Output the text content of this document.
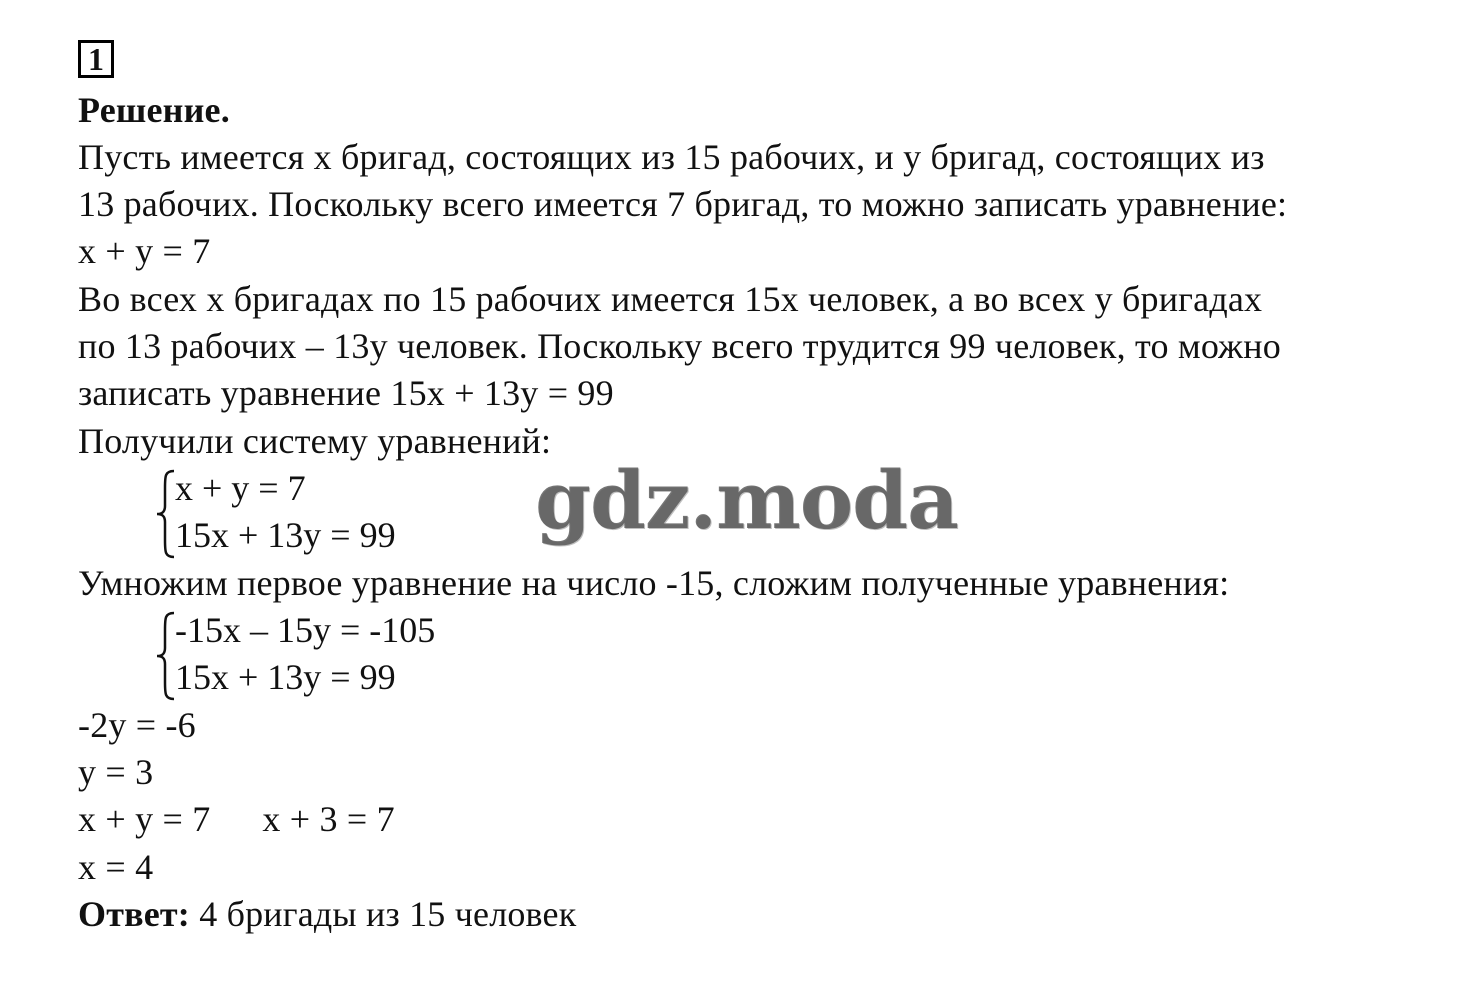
1
Решение.
Пусть имеется х бригад, состоящих из 15 рабочих, и у бригад, состоящих из
13 рабочих. Поскольку всего имеется 7 бригад, то можно записать уравнение:
х + у = 7
Во всех х бригадах по 15 рабочих имеется 15х человек, а во всех у бригадах
по 13 рабочих – 13у человек. Поскольку всего трудится 99 человек, то можно
записать уравнение 15х + 13у = 99
Получили систему уравнений:
х + у = 7
15х + 13у = 99
Умножим первое уравнение на число -15, сложим полученные уравнения:
-15х – 15у = -105
15х + 13у = 99
-2у = -6
у = 3
х + у = 7 х + 3 = 7
х = 4
Ответ: 4 бригады из 15 человек
gdz.moda
